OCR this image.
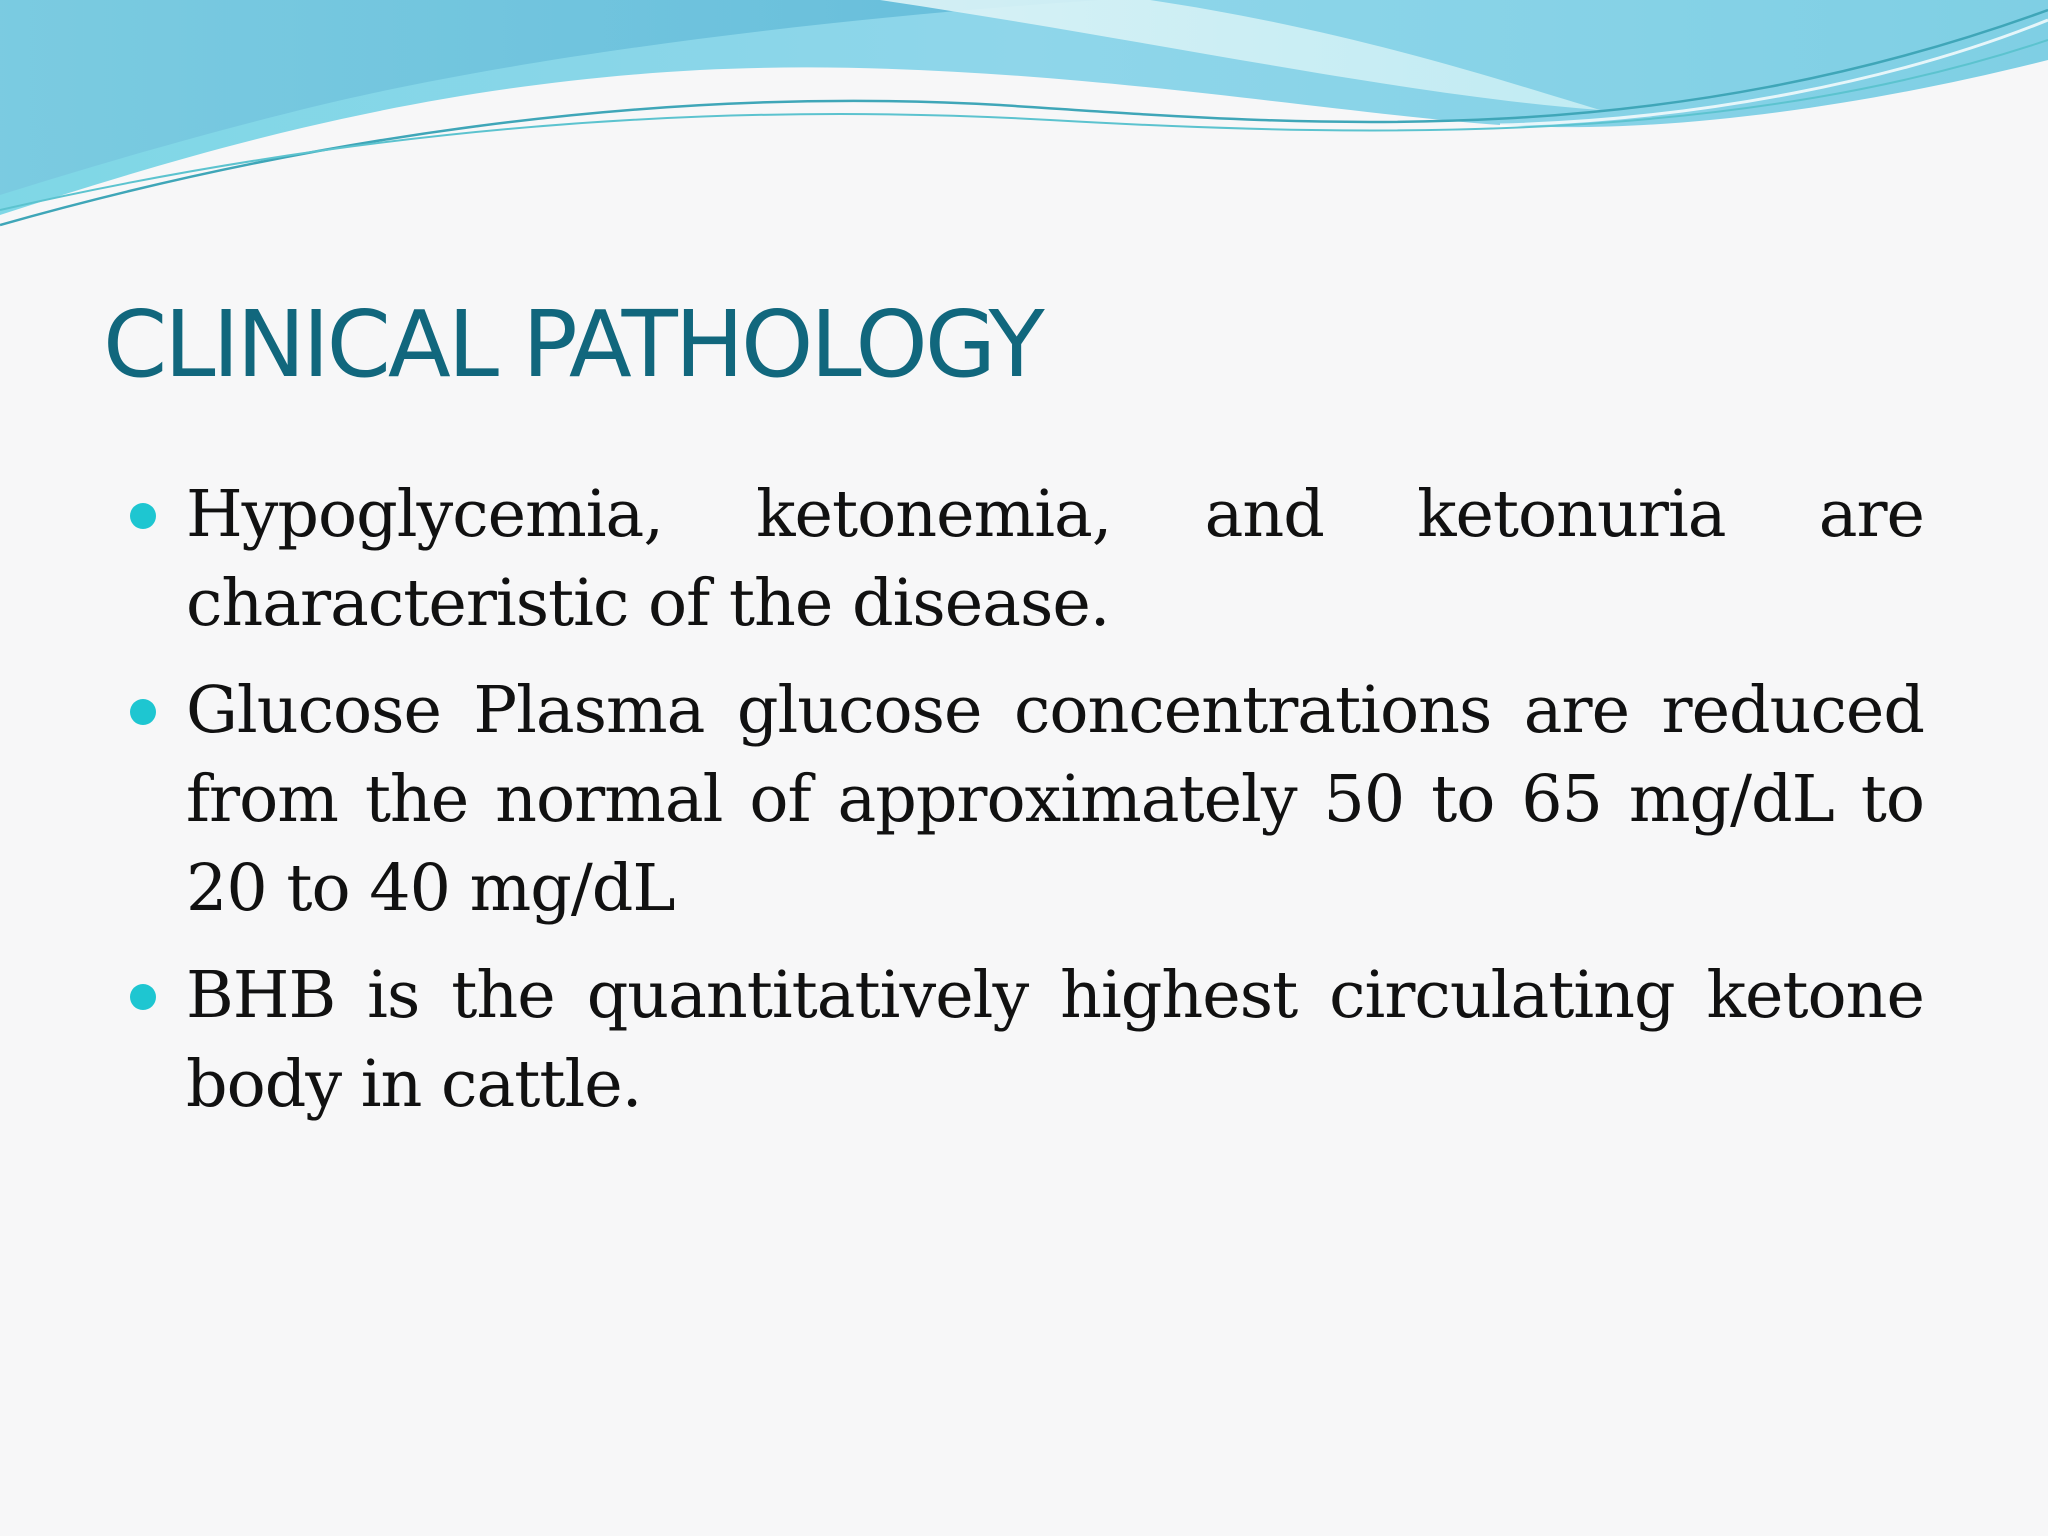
CLINICAL PATHOLOGY
Hypoglycemia, ketonemia, and ketonuria are characteristic of the disease.
Glucose Plasma glucose concentrations are reduced from the normal of approximately 50 to 65 mg/dL to 20 to 40 mg/dL
BHB is the quantitatively highest circulating ketone body in cattle.
